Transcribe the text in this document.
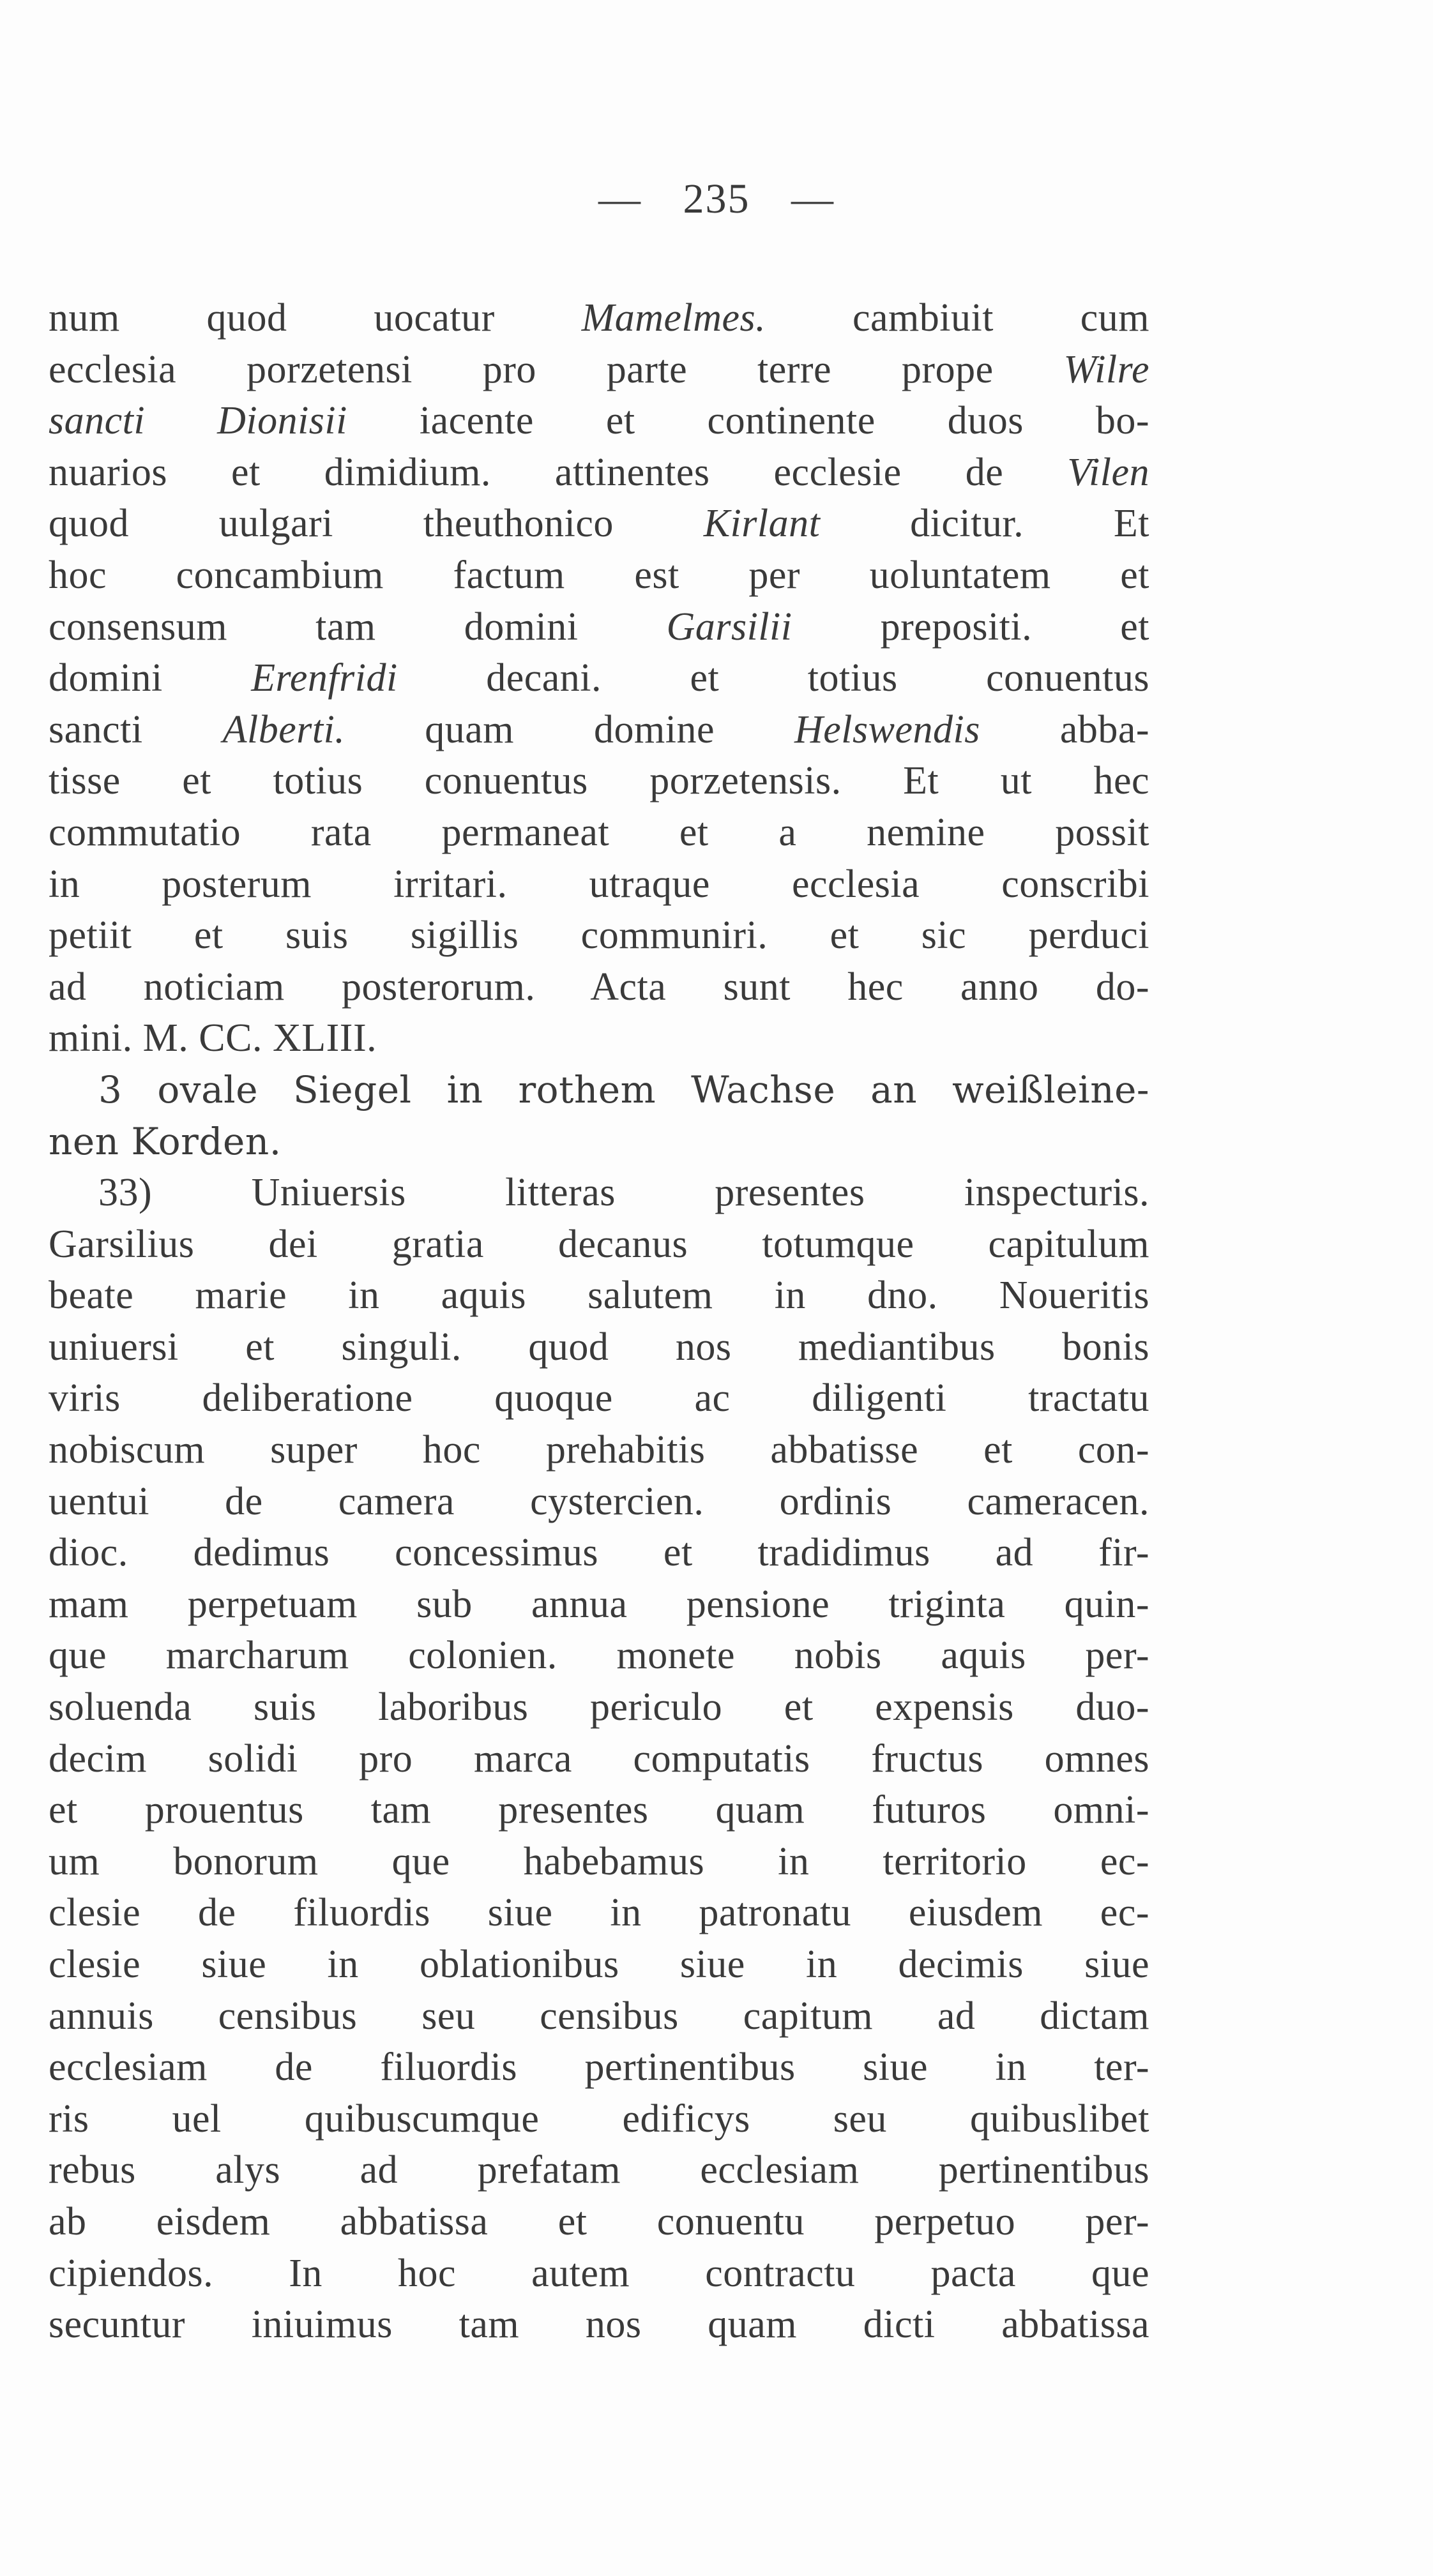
— 235 —
num quod uocatur Mamelmes. cambiuit cum
ecclesia porzetensi pro parte terre prope Wilre
sancti Dionisii iacente et continente duos bo-
nuarios et dimidium. attinentes ecclesie de Vilen
quod uulgari theuthonico Kirlant dicitur. Et
hoc concambium factum est per uoluntatem et
consensum tam domini Garsilii prepositi. et
domini Erenfridi decani. et totius conuentus
sancti Alberti. quam domine Helswendis abba-
tisse et totius conuentus porzetensis. Et ut hec
commutatio rata permaneat et a nemine possit
in posterum irritari. utraque ecclesia conscribi
petiit et suis sigillis communiri. et sic perduci
ad noticiam posterorum. Acta sunt hec anno do-
mini. M. CC. XLIII.
3 ovale Siegel in rothem Wachse an weißleine-
nen Korden.
33) Uniuersis litteras presentes inspecturis.
Garsilius dei gratia decanus totumque capitulum
beate marie in aquis salutem in dno. Noueritis
uniuersi et singuli. quod nos mediantibus bonis
viris deliberatione quoque ac diligenti tractatu
nobiscum super hoc prehabitis abbatisse et con-
uentui de camera cystercien. ordinis cameracen.
dioc. dedimus concessimus et tradidimus ad fir-
mam perpetuam sub annua pensione triginta quin-
que marcharum colonien. monete nobis aquis per-
soluenda suis laboribus periculo et expensis duo-
decim solidi pro marca computatis fructus omnes
et prouentus tam presentes quam futuros omni-
um bonorum que habebamus in territorio ec-
clesie de filuordis siue in patronatu eiusdem ec-
clesie siue in oblationibus siue in decimis siue
annuis censibus seu censibus capitum ad dictam
ecclesiam de filuordis pertinentibus siue in ter-
ris uel quibuscumque edificys seu quibuslibet
rebus alys ad prefatam ecclesiam pertinentibus
ab eisdem abbatissa et conuentu perpetuo per-
cipiendos. In hoc autem contractu pacta que
secuntur iniuimus tam nos quam dicti abbatissa
